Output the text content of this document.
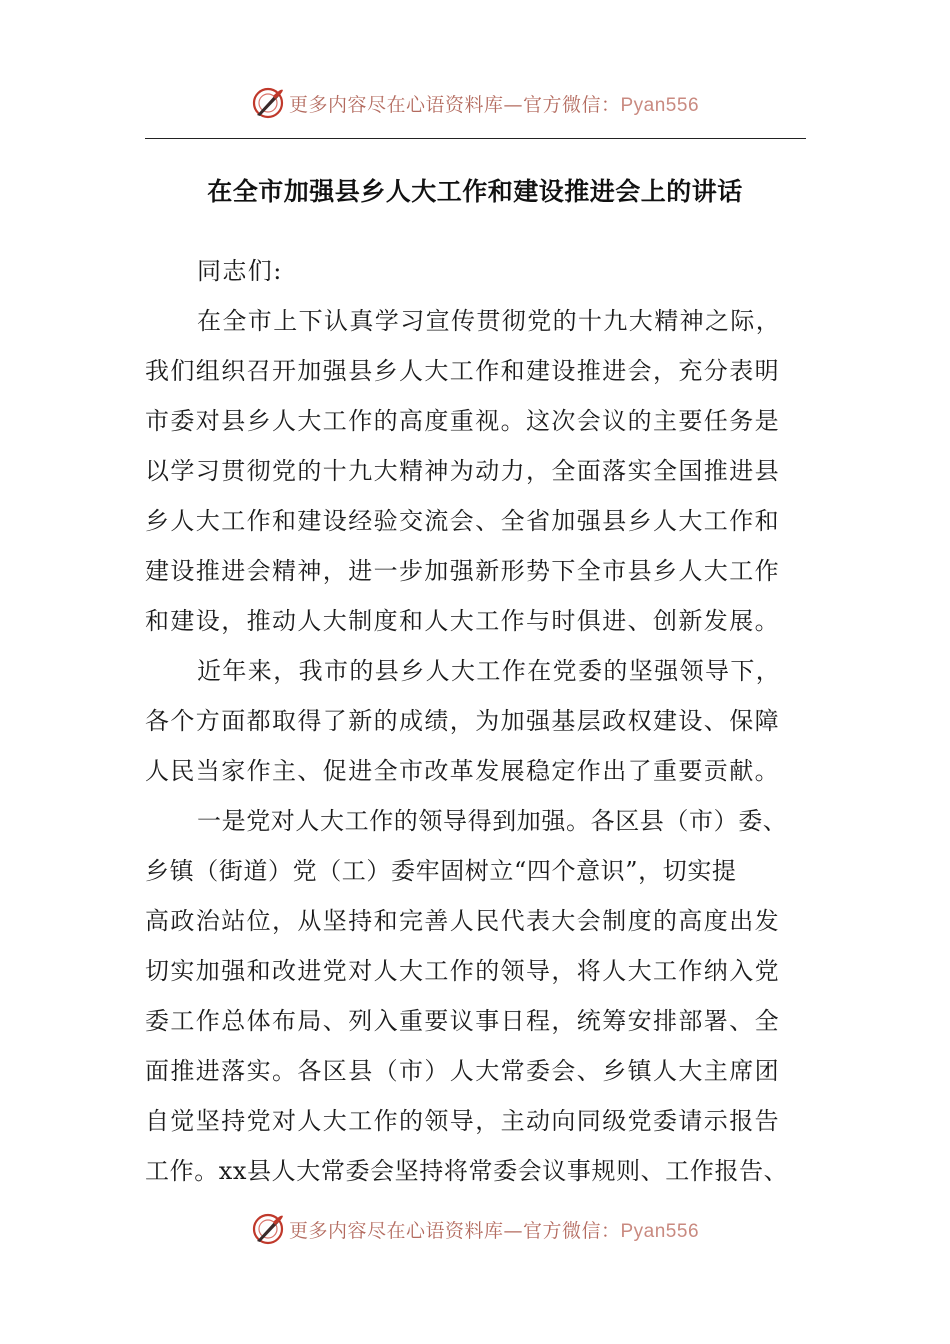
更多内容尽在心语资料库—官方微信：Pyan556
在全市加强县乡人大工作和建设推进会上的讲话
同志们:
在全市上下认真学习宣传贯彻党的十九大精神之际，
我们组织召开加强县乡人大工作和建设推进会，充分表明
市委对县乡人大工作的高度重视。这次会议的主要任务是
以学习贯彻党的十九大精神为动力，全面落实全国推进县
乡人大工作和建设经验交流会、全省加强县乡人大工作和
建设推进会精神，进一步加强新形势下全市县乡人大工作
和建设，推动人大制度和人大工作与时俱进、创新发展。
近年来，我市的县乡人大工作在党委的坚强领导下，
各个方面都取得了新的成绩，为加强基层政权建设、保障
人民当家作主、促进全市改革发展稳定作出了重要贡献。
一是党对人大工作的领导得到加强。各区县（市）委、
乡镇（街道）党（工）委牢固树立“四个意识”，切实提
高政治站位，从坚持和完善人民代表大会制度的高度出发
切实加强和改进党对人大工作的领导，将人大工作纳入党
委工作总体布局、列入重要议事日程，统筹安排部署、全
面推进落实。各区县（市）人大常委会、乡镇人大主席团
自觉坚持党对人大工作的领导，主动向同级党委请示报告
工作。xx县人大常委会坚持将常委会议事规则、工作报告、
更多内容尽在心语资料库—官方微信：Pyan556
